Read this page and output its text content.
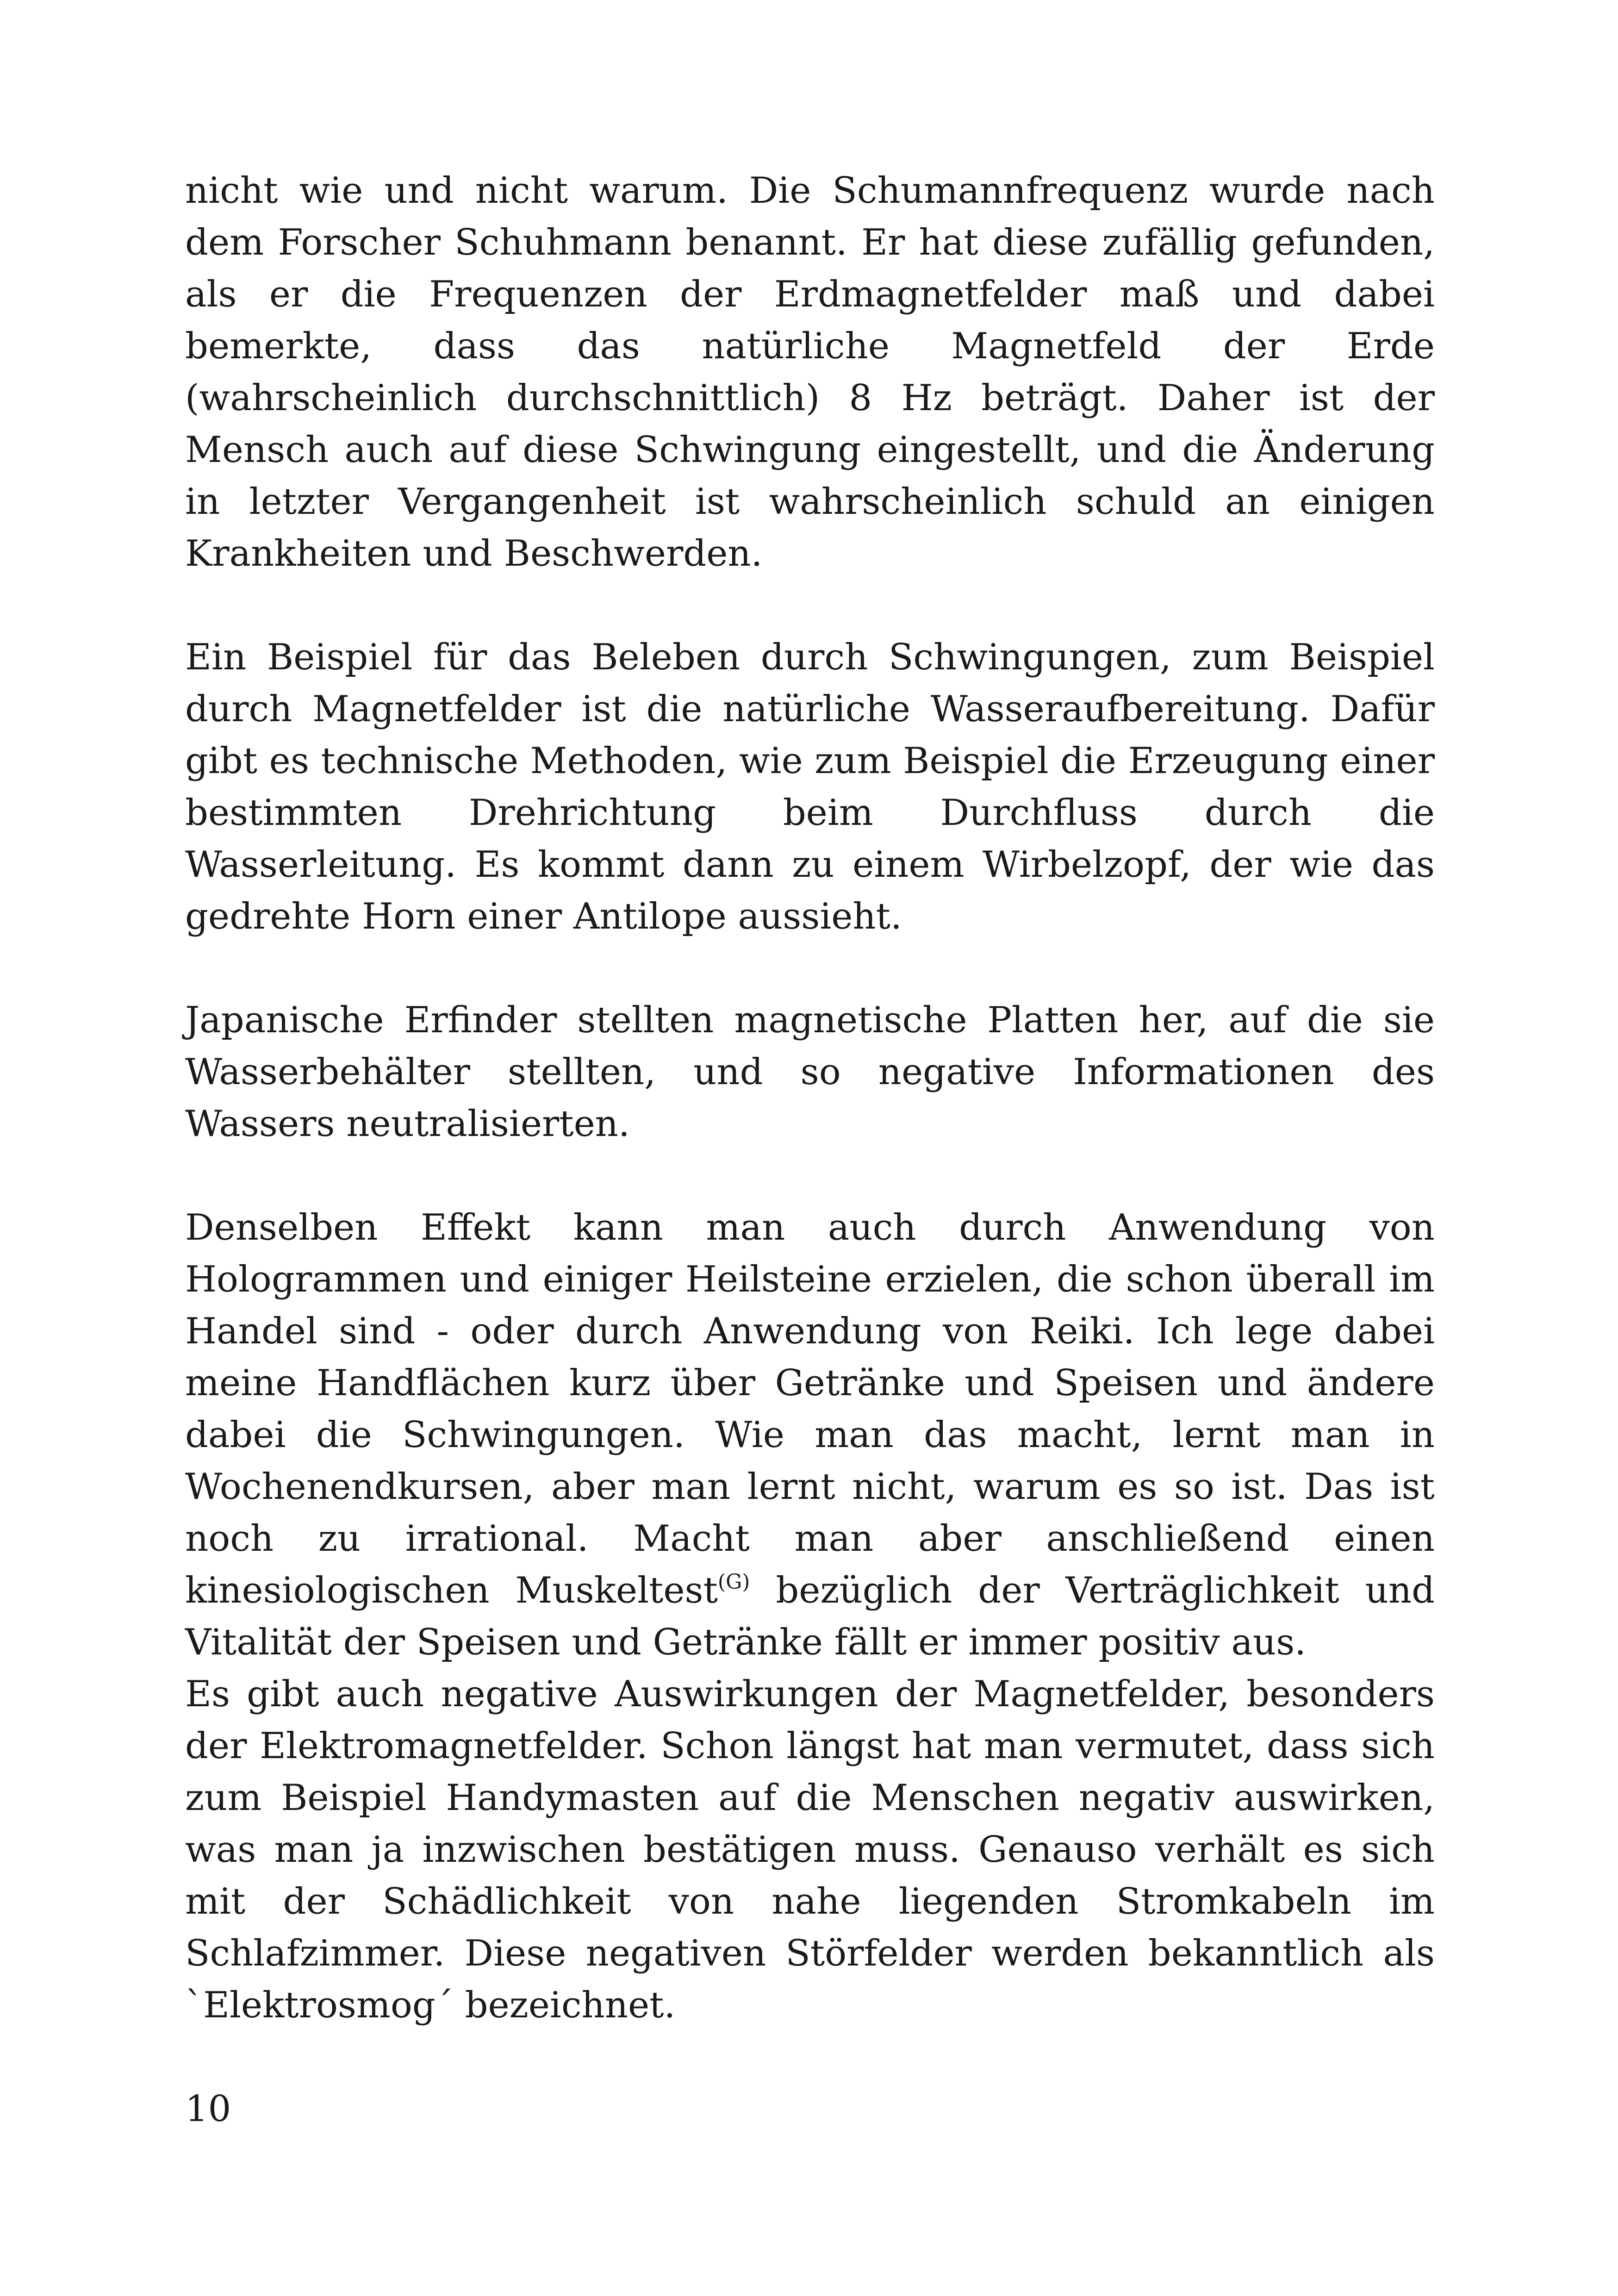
nicht wie und nicht warum. Die Schumannfrequenz wurde nach dem Forscher Schuhmann benannt. Er hat diese zufällig gefunden, als er die Frequenzen der Erdmagnetfelder maß und dabei bemerkte, dass das natürliche Magnetfeld der Erde (wahrscheinlich durchschnittlich) 8 Hz beträgt. Daher ist der Mensch auch auf diese Schwingung eingestellt, und die Änderung in letzter Vergangenheit ist wahrscheinlich schuld an einigen Krankheiten und Beschwerden.

Ein Beispiel für das Beleben durch Schwingungen, zum Beispiel durch Magnetfelder ist die natürliche Wasseraufbereitung. Dafür gibt es technische Methoden, wie zum Beispiel die Erzeugung einer bestimmten Drehrichtung beim Durchfluss durch die Wasserleitung. Es kommt dann zu einem Wirbelzopf, der wie das gedrehte Horn einer Antilope aussieht.

Japanische Erfinder stellten magnetische Platten her, auf die sie Wasserbehälter stellten, und so negative Informationen des Wassers neutralisierten.

Denselben Effekt kann man auch durch Anwendung von Hologrammen und einiger Heilsteine erzielen, die schon überall im Handel sind - oder durch Anwendung von Reiki. Ich lege dabei meine Handflächen kurz über Getränke und Speisen und ändere dabei die Schwingungen. Wie man das macht, lernt man in Wochenendkursen, aber man lernt nicht, warum es so ist. Das ist noch zu irrational. Macht man aber anschließend einen kinesiologischen Muskeltest$^{(G)}$ bezüglich der Verträglichkeit und Vitalität der Speisen und Getränke fällt er immer positiv aus.

Es gibt auch negative Auswirkungen der Magnetfelder, besonders der Elektromagnetfelder. Schon längst hat man vermutet, dass sich zum Beispiel Handymasten auf die Menschen negativ auswirken, was man ja inzwischen bestätigen muss. Genauso verhält es sich mit der Schädlichkeit von nahe liegenden Stromkabeln im Schlafzimmer. Diese negativen Störfelder werden bekanntlich als `Elektrosmog´ bezeichnet.

10
